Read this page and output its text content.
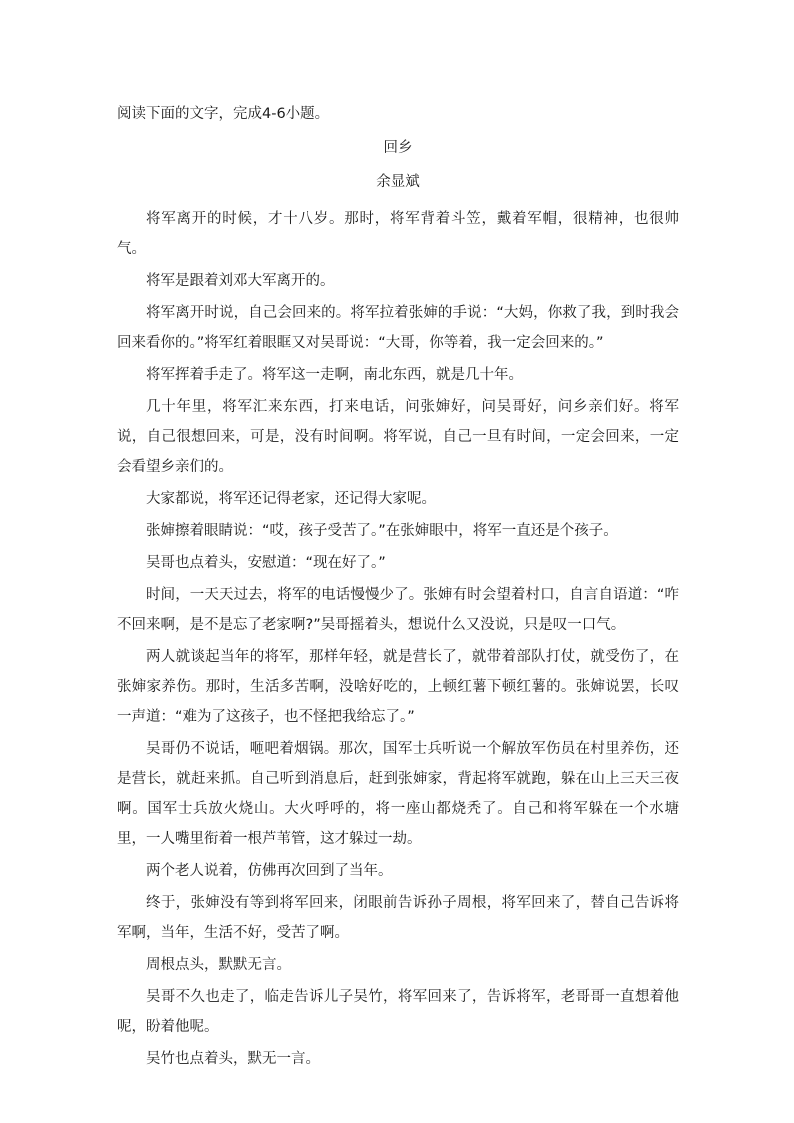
阅读下面的文字，完成4-6小题。

回乡

余显斌

将军离开的时候，才十八岁。那时，将军背着斗笠，戴着军帽，很精神，也很帅气。

将军是跟着刘邓大军离开的。

将军离开时说，自己会回来的。将军拉着张婶的手说：“大妈，你救了我，到时我会回来看你的。”将军红着眼眶又对吴哥说：“大哥，你等着，我一定会回来的。”

将军挥着手走了。将军这一走啊，南北东西，就是几十年。

几十年里，将军汇来东西，打来电话，问张婶好，问吴哥好，问乡亲们好。将军说，自己很想回来，可是，没有时间啊。将军说，自己一旦有时间，一定会回来，一定会看望乡亲们的。

大家都说，将军还记得老家，还记得大家呢。

张婶擦着眼睛说：“哎，孩子受苦了。”在张婶眼中，将军一直还是个孩子。

吴哥也点着头，安慰道：“现在好了。”

时间，一天天过去，将军的电话慢慢少了。张婶有时会望着村口，自言自语道：“咋不回来啊，是不是忘了老家啊?”吴哥摇着头，想说什么又没说，只是叹一口气。

两人就谈起当年的将军，那样年轻，就是营长了，就带着部队打仗，就受伤了，在张婶家养伤。那时，生活多苦啊，没啥好吃的，上顿红薯下顿红薯的。张婶说罢，长叹一声道：“难为了这孩子，也不怪把我给忘了。”

吴哥仍不说话，咂吧着烟锅。那次，国军士兵听说一个解放军伤员在村里养伤，还是营长，就赶来抓。自己听到消息后，赶到张婶家，背起将军就跑，躲在山上三天三夜啊。国军士兵放火烧山。大火呼呼的，将一座山都烧秃了。自己和将军躲在一个水塘里，一人嘴里衔着一根芦苇管，这才躲过一劫。

两个老人说着，仿佛再次回到了当年。

终于，张婶没有等到将军回来，闭眼前告诉孙子周根，将军回来了，替自己告诉将军啊，当年，生活不好，受苦了啊。

周根点头，默默无言。

吴哥不久也走了，临走告诉儿子吴竹，将军回来了，告诉将军，老哥哥一直想着他呢，盼着他呢。

吴竹也点着头，默无一言。
